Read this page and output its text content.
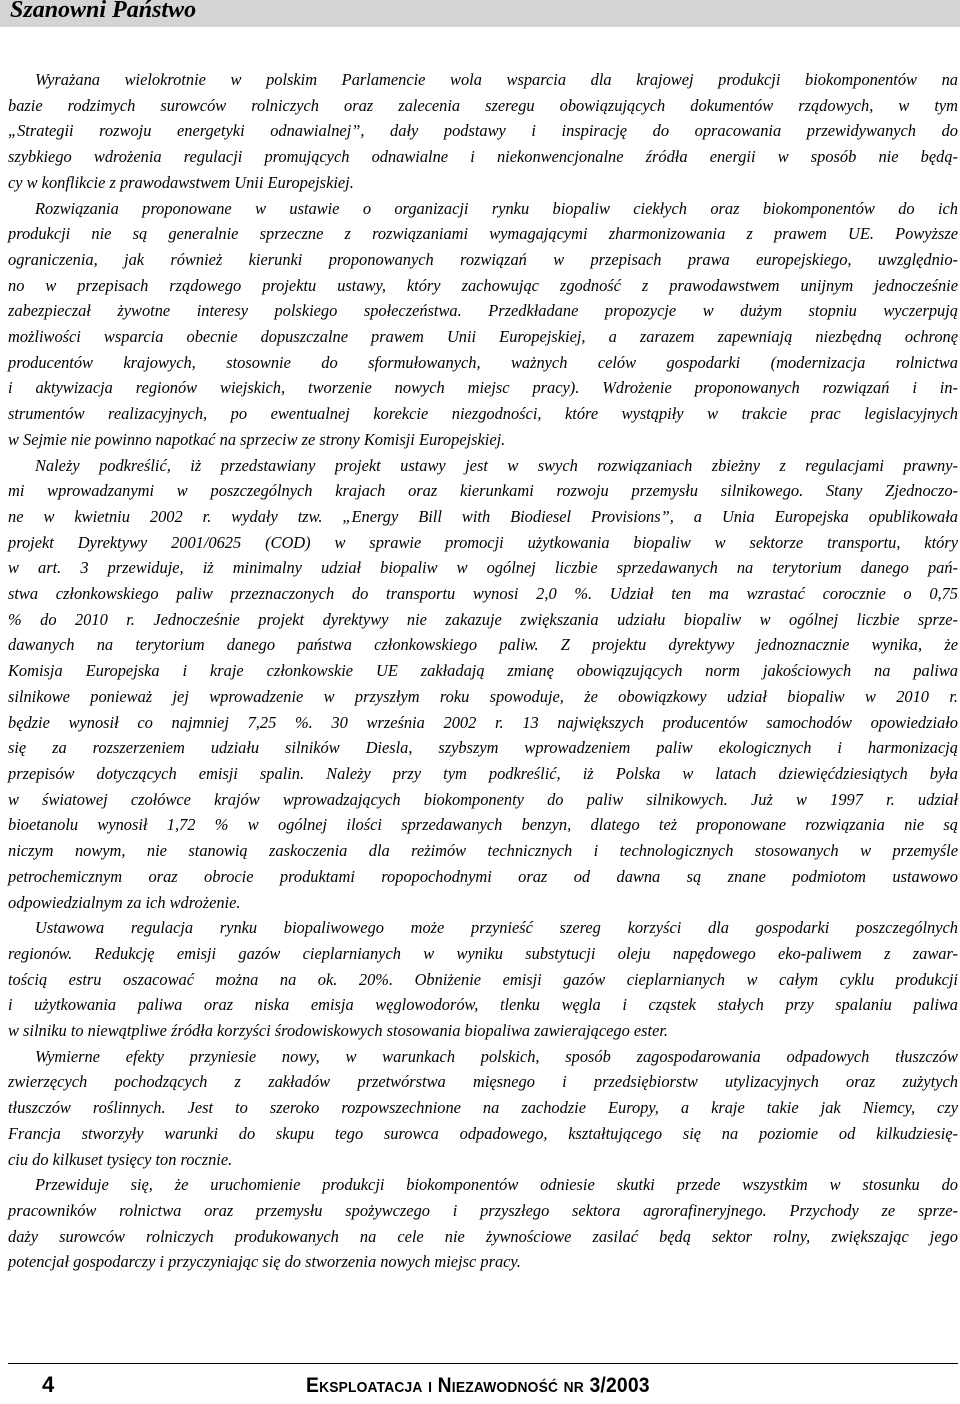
Szanowni Państwo
Wyrażana wielokrotnie w polskim Parlamencie wola wsparcia dla krajowej produkcji biokomponentów na
bazie rodzimych surowców rolniczych oraz zalecenia szeregu obowiązujących dokumentów rządowych, w tym
„Strategii rozwoju energetyki odnawialnej”, dały podstawy i inspirację do opracowania przewidywanych do
szybkiego wdrożenia regulacji promujących odnawialne i niekonwencjonalne źródła energii w sposób nie będą-
cy w konflikcie z prawodawstwem Unii Europejskiej.
Rozwiązania proponowane w ustawie o organizacji rynku biopaliw ciekłych oraz biokomponentów do ich
produkcji nie są generalnie sprzeczne z rozwiązaniami wymagającymi zharmonizowania z prawem UE. Powyższe
ograniczenia, jak również kierunki proponowanych rozwiązań w przepisach prawa europejskiego, uwzględnio-
no w przepisach rządowego projektu ustawy, który zachowując zgodność z prawodawstwem unijnym jednocześnie
zabezpieczał żywotne interesy polskiego społeczeństwa. Przedkładane propozycje w dużym stopniu wyczerpują
możliwości wsparcia obecnie dopuszczalne prawem Unii Europejskiej, a zarazem zapewniają niezbędną ochronę
producentów krajowych, stosownie do sformułowanych, ważnych celów gospodarki (modernizacja rolnictwa
i aktywizacja regionów wiejskich, tworzenie nowych miejsc pracy). Wdrożenie proponowanych rozwiązań i in-
strumentów realizacyjnych, po ewentualnej korekcie niezgodności, które wystąpiły w trakcie prac legislacyjnych
w Sejmie nie powinno napotkać na sprzeciw ze strony Komisji Europejskiej.
Należy podkreślić, iż przedstawiany projekt ustawy jest w swych rozwiązaniach zbieżny z regulacjami prawny-
mi wprowadzanymi w poszczególnych krajach oraz kierunkami rozwoju przemysłu silnikowego. Stany Zjednoczo-
ne w kwietniu 2002 r. wydały tzw. „Energy Bill with Biodiesel Provisions”, a Unia Europejska opublikowała
projekt Dyrektywy 2001/0625 (COD) w sprawie promocji użytkowania biopaliw w sektorze transportu, który
w art. 3 przewiduje, iż minimalny udział biopaliw w ogólnej liczbie sprzedawanych na terytorium danego pań-
stwa członkowskiego paliw przeznaczonych do transportu wynosi 2,0 %. Udział ten ma wzrastać corocznie o 0,75
% do 2010 r. Jednocześnie projekt dyrektywy nie zakazuje zwiększania udziału biopaliw w ogólnej liczbie sprze-
dawanych na terytorium danego państwa członkowskiego paliw. Z projektu dyrektywy jednoznacznie wynika, że
Komisja Europejska i kraje członkowskie UE zakładają zmianę obowiązujących norm jakościowych na paliwa
silnikowe ponieważ jej wprowadzenie w przyszłym roku spowoduje, że obowiązkowy udział biopaliw w 2010 r.
będzie wynosił co najmniej 7,25 %. 30 września 2002 r. 13 największych producentów samochodów opowiedziało
się za rozszerzeniem udziału silników Diesla, szybszym wprowadzeniem paliw ekologicznych i harmonizacją
przepisów dotyczących emisji spalin. Należy przy tym podkreślić, iż Polska w latach dziewięćdziesiątych była
w światowej czołówce krajów wprowadzających biokomponenty do paliw silnikowych. Już w 1997 r. udział
bioetanolu wynosił 1,72 % w ogólnej ilości sprzedawanych benzyn, dlatego też proponowane rozwiązania nie są
niczym nowym, nie stanowią zaskoczenia dla reżimów technicznych i technologicznych stosowanych w przemyśle
petrochemicznym oraz obrocie produktami ropopochodnymi oraz od dawna są znane podmiotom ustawowo
odpowiedzialnym za ich wdrożenie.
Ustawowa regulacja rynku biopaliwowego może przynieść szereg korzyści dla gospodarki poszczególnych
regionów. Redukcję emisji gazów cieplarnianych w wyniku substytucji oleju napędowego eko-paliwem z zawar-
tością estru oszacować można na ok. 20%. Obniżenie emisji gazów cieplarnianych w całym cyklu produkcji
i użytkowania paliwa oraz niska emisja węglowodorów, tlenku węgla i cząstek stałych przy spalaniu paliwa
w silniku to niewątpliwe źródła korzyści środowiskowych stosowania biopaliwa zawierającego ester.
Wymierne efekty przyniesie nowy, w warunkach polskich, sposób zagospodarowania odpadowych tłuszczów
zwierzęcych pochodzących z zakładów przetwórstwa mięsnego i przedsiębiorstw utylizacyjnych oraz zużytych
tłuszczów roślinnych. Jest to szeroko rozpowszechnione na zachodzie Europy, a kraje takie jak Niemcy, czy
Francja stworzyły warunki do skupu tego surowca odpadowego, kształtującego się na poziomie od kilkudziesię-
ciu do kilkuset tysięcy ton rocznie.
Przewiduje się, że uruchomienie produkcji biokomponentów odniesie skutki przede wszystkim w stosunku do
pracowników rolnictwa oraz przemysłu spożywczego i przyszłego sektora agrorafineryjnego. Przychody ze sprze-
daży surowców rolniczych produkowanych na cele nie żywnościowe zasilać będą sektor rolny, zwiększając jego
potencjał gospodarczy i przyczyniając się do stworzenia nowych miejsc pracy.
4	Eksploatacja i Niezawodność nr 3/2003
